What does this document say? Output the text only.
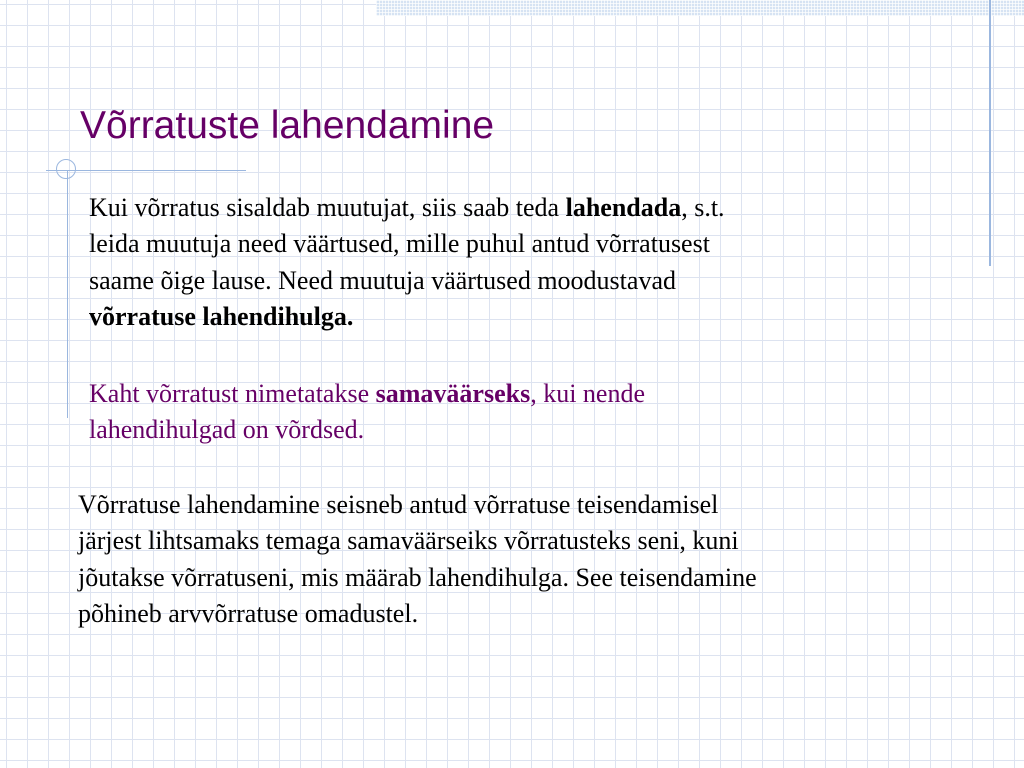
Võrratuste lahendamine

Kui võrratus sisaldab muutujat, siis saab teda lahendada, s.t.
leida muutuja need väärtused, mille puhul antud võrratusest
saame õige lause. Need muutuja väärtused moodustavad
võrratuse lahendihulga.

Kaht võrratust nimetatakse samaväärseks, kui nende
lahendihulgad on võrdsed.

Võrratuse lahendamine seisneb antud võrratuse teisendamisel
järjest lihtsamaks temaga samaväärseiks võrratusteks seni, kuni
jõutakse võrratuseni, mis määrab lahendihulga. See teisendamine
põhineb arvvõrratuse omadustel.
